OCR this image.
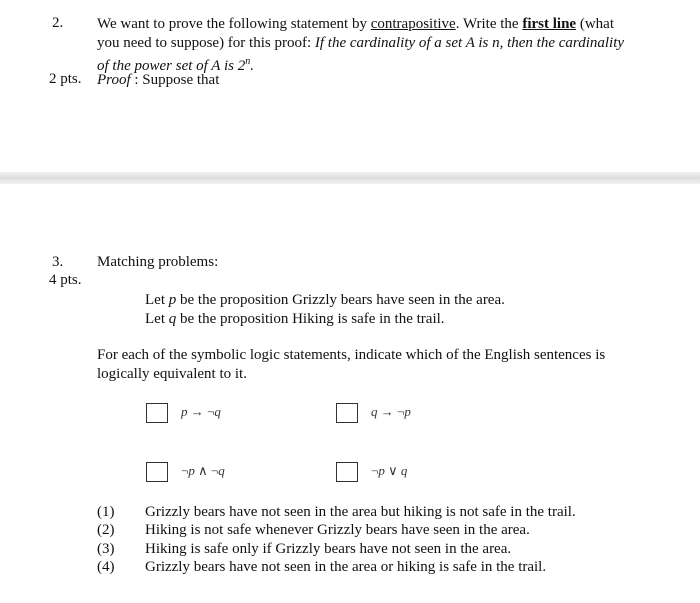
2.
2 pts.
We want to prove the following statement by contrapositive. Write the first line (what
you need to suppose) for this proof: If the cardinality of a set A is n, then the cardinality
of the power set of A is 2$^n$.
Proof : Suppose that
3.
4 pts.
Matching problems:
Let p be the proposition Grizzly bears have seen in the area.
Let q be the proposition Hiking is safe in the trail.
For each of the symbolic logic statements, indicate which of the English sentences is
logically equivalent to it.
p → ¬q	q → ¬p
¬p ∧ ¬q	¬p ∨ q
(1) Grizzly bears have not seen in the area but hiking is not safe in the trail.
(2) Hiking is not safe whenever Grizzly bears have seen in the area.
(3) Hiking is safe only if Grizzly bears have not seen in the area.
(4) Grizzly bears have not seen in the area or hiking is safe in the trail.
